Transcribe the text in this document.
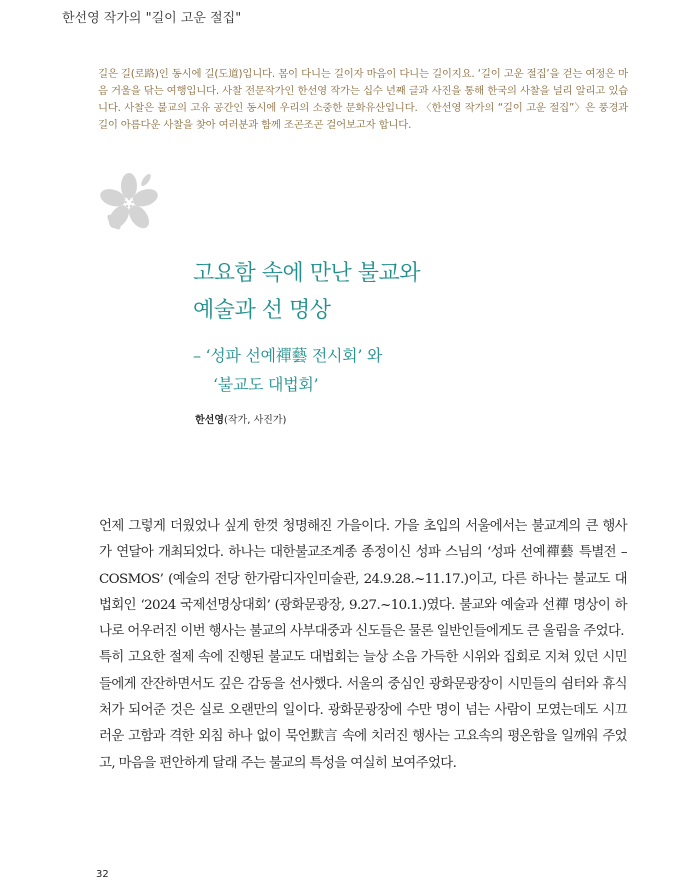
한선영 작가의 "길이 고운 절집"
길은 길(로路)인 동시에 길(도道)입니다. 몸이 다니는 길이자 마음이 다니는 길이지요. ‘길이 고운 절집’을 걷는 여정은 마음 거울을 닦는 여행입니다. 사찰 전문작가인 한선영 작가는 십수 년째 글과 사진을 통해 한국의 사찰을 널리 알리고 있습니다. 사찰은 불교의 고유 공간인 동시에 우리의 소중한 문화유산입니다. 〈한선영 작가의 “길이 고운 절집”〉은 풍경과 길이 아름다운 사찰을 찾아 여러분과 함께 조곤조곤 걸어보고자 합니다.
고요함 속에 만난 불교와
예술과 선 명상
– ‘성파 선예禪藝 전시회’ 와
‘불교도 대법회’
한선영(작가, 사진가)

언제 그렇게 더웠었나 싶게 한껏 청명해진 가을이다. 가을 초입의 서울에서는 불교계의 큰 행사가 연달아 개최되었다. 하나는 대한불교조계종 종정이신 성파 스님의 ‘성파 선예禪藝 특별전 – COSMOS’ (예술의 전당 한가람디자인미술관, 24.9.28.~11.17.)이고, 다른 하나는 불교도 대법회인 ‘2024 국제선명상대회’ (광화문광장, 9.27.~10.1.)였다. 불교와 예술과 선禪 명상이 하나로 어우러진 이번 행사는 불교의 사부대중과 신도들은 물론 일반인들에게도 큰 울림을 주었다.

특히 고요한 절제 속에 진행된 불교도 대법회는 늘상 소음 가득한 시위와 집회로 지쳐 있던 시민들에게 잔잔하면서도 깊은 감동을 선사했다. 서울의 중심인 광화문광장이 시민들의 쉼터와 휴식처가 되어준 것은 실로 오랜만의 일이다. 광화문광장에 수만 명이 넘는 사람이 모였는데도 시끄러운 고함과 격한 외침 하나 없이 묵언默言 속에 치러진 행사는 고요속의 평온함을 일깨워 주었고, 마음을 편안하게 달래 주는 불교의 특성을 여실히 보여주었다.

32
